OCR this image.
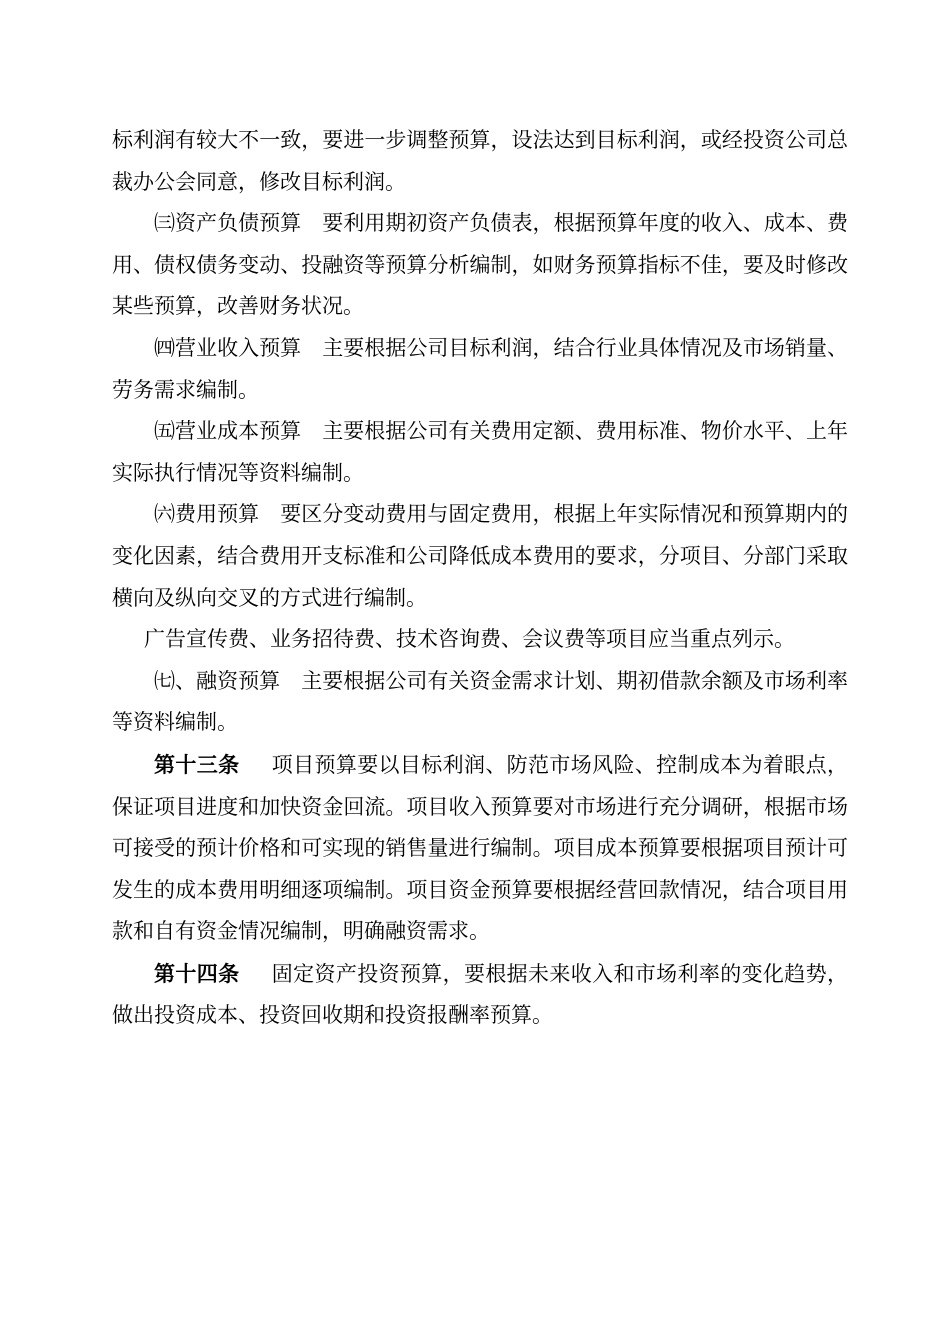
标利润有较大不一致，要进一步调整预算，设法达到目标利润，或经投资公司总裁办公会同意，修改目标利润。

㈢资产负债预算 要利用期初资产负债表，根据预算年度的收入、成本、费用、债权债务变动、投融资等预算分析编制，如财务预算指标不佳，要及时修改某些预算，改善财务状况。

㈣营业收入预算 主要根据公司目标利润，结合行业具体情况及市场销量、劳务需求编制。

㈤营业成本预算 主要根据公司有关费用定额、费用标准、物价水平、上年实际执行情况等资料编制。

㈥费用预算 要区分变动费用与固定费用，根据上年实际情况和预算期内的变化因素，结合费用开支标准和公司降低成本费用的要求，分项目、分部门采取横向及纵向交叉的方式进行编制。

广告宣传费、业务招待费、技术咨询费、会议费等项目应当重点列示。

㈦、融资预算 主要根据公司有关资金需求计划、期初借款余额及市场利率等资料编制。

第十三条 项目预算要以目标利润、防范市场风险、控制成本为着眼点，保证项目进度和加快资金回流。项目收入预算要对市场进行充分调研，根据市场可接受的预计价格和可实现的销售量进行编制。项目成本预算要根据项目预计可发生的成本费用明细逐项编制。项目资金预算要根据经营回款情况，结合项目用款和自有资金情况编制，明确融资需求。

第十四条 固定资产投资预算，要根据未来收入和市场利率的变化趋势，做出投资成本、投资回收期和投资报酬率预算。
